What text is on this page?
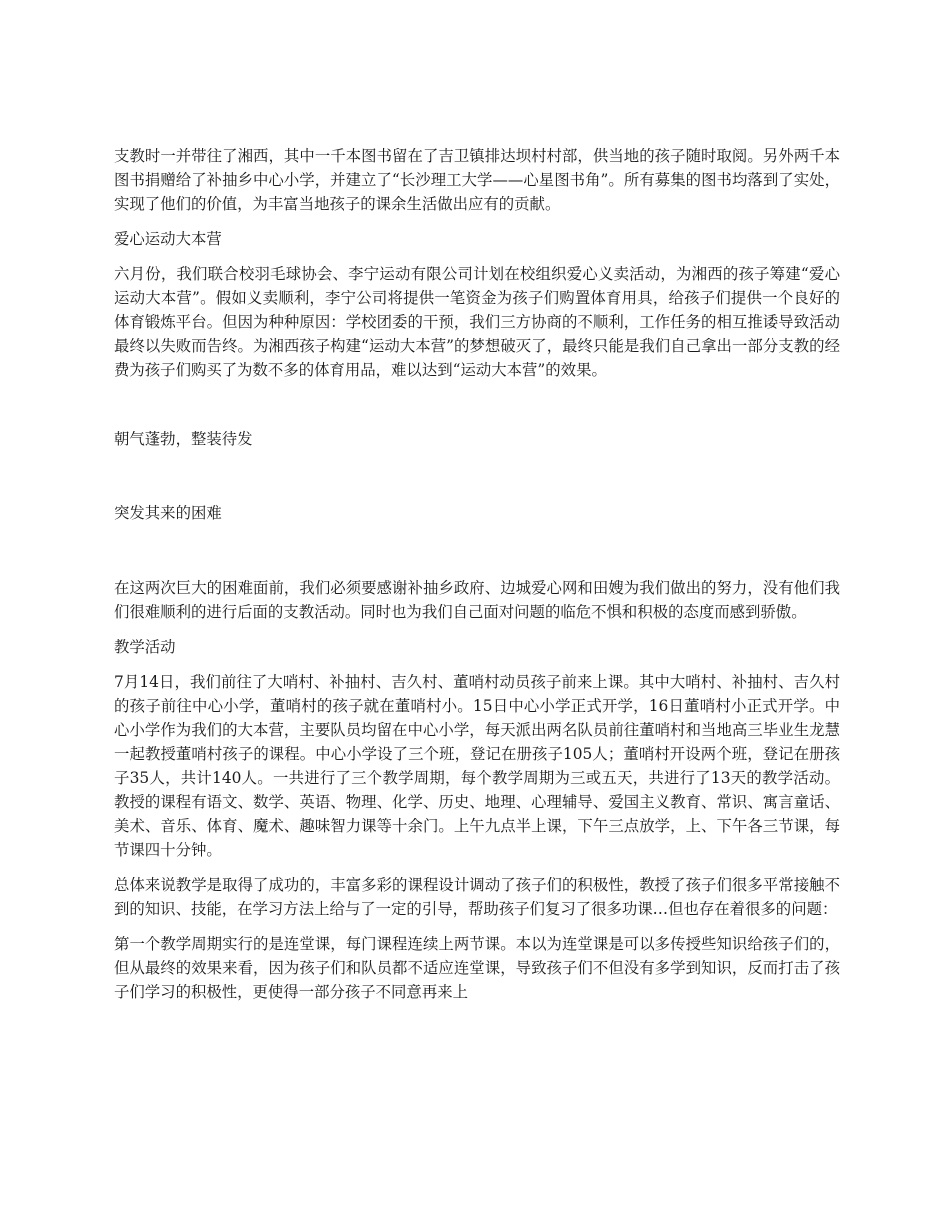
支教时一并带往了湘西，其中一千本图书留在了吉卫镇排达坝村村部，供当地的孩子随时取阅。另外两千本图书捐赠给了补抽乡中心小学，并建立了“长沙理工大学——心星图书角”。所有募集的图书均落到了实处，实现了他们的价值，为丰富当地孩子的课余生活做出应有的贡献。

爱心运动大本营

六月份，我们联合校羽毛球协会、李宁运动有限公司计划在校组织爱心义卖活动，为湘西的孩子筹建“爱心运动大本营”。假如义卖顺利，李宁公司将提供一笔资金为孩子们购置体育用具，给孩子们提供一个良好的体育锻炼平台。但因为种种原因：学校团委的干预，我们三方协商的不顺利，工作任务的相互推诿导致活动最终以失败而告终。为湘西孩子构建“运动大本营”的梦想破灭了，最终只能是我们自己拿出一部分支教的经费为孩子们购买了为数不多的体育用品，难以达到“运动大本营”的效果。

朝气蓬勃，整装待发

突发其来的困难

在这两次巨大的困难面前，我们必须要感谢补抽乡政府、边城爱心网和田嫂为我们做出的努力，没有他们我们很难顺利的进行后面的支教活动。同时也为我们自己面对问题的临危不惧和积极的态度而感到骄傲。

教学活动

7月14日，我们前往了大哨村、补抽村、吉久村、董哨村动员孩子前来上课。其中大哨村、补抽村、吉久村的孩子前往中心小学，董哨村的孩子就在董哨村小。15日中心小学正式开学，16日董哨村小正式开学。中心小学作为我们的大本营，主要队员均留在中心小学，每天派出两名队员前往董哨村和当地高三毕业生龙慧一起教授董哨村孩子的课程。中心小学设了三个班，登记在册孩子105人；董哨村开设两个班，登记在册孩子35人，共计140人。一共进行了三个教学周期，每个教学周期为三或五天，共进行了13天的教学活动。教授的课程有语文、数学、英语、物理、化学、历史、地理、心理辅导、爱国主义教育、常识、寓言童话、美术、音乐、体育、魔术、趣味智力课等十余门。上午九点半上课，下午三点放学，上、下午各三节课，每节课四十分钟。

总体来说教学是取得了成功的，丰富多彩的课程设计调动了孩子们的积极性，教授了孩子们很多平常接触不到的知识、技能，在学习方法上给与了一定的引导，帮助孩子们复习了很多功课…但也存在着很多的问题：

第一个教学周期实行的是连堂课，每门课程连续上两节课。本以为连堂课是可以多传授些知识给孩子们的，但从最终的效果来看，因为孩子们和队员都不适应连堂课，导致孩子们不但没有多学到知识，反而打击了孩子们学习的积极性，更使得一部分孩子不同意再来上
